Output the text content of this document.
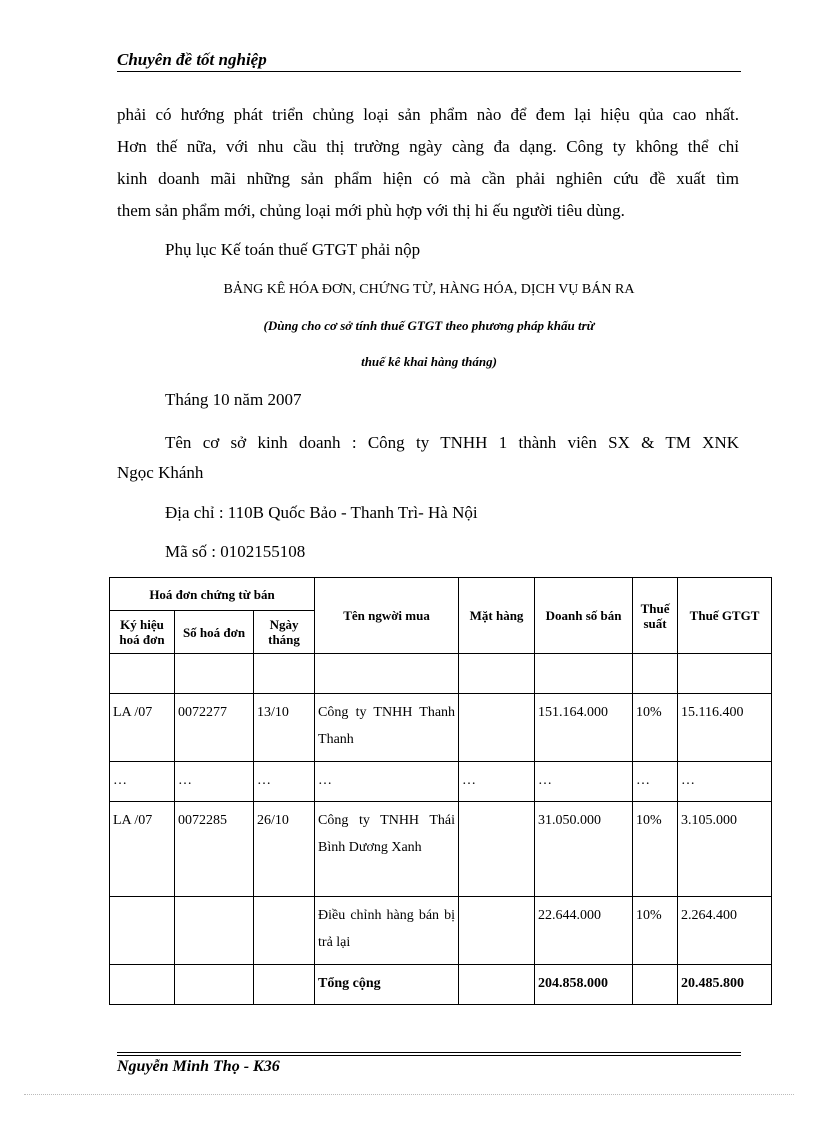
Chuyên đề tốt nghiệp
phải có hướng phát triển chủng loại sản phẩm nào để đem lại hiệu qủa cao nhất.
Hơn thế nữa, với nhu cầu thị trường ngày càng đa dạng. Công ty không thể chỉ
kinh doanh mãi những sản phẩm hiện có mà cần phải nghiên cứu đề xuất tìm
them sản phẩm mới, chủng loại mới phù hợp với thị hi ếu người tiêu dùng.
Phụ lục Kế toán thuế GTGT phải nộp
BẢNG KÊ HÓA ĐƠN, CHỨNG TỪ, HÀNG HÓA, DỊCH VỤ BÁN RA
(Dùng cho cơ sở tính thuế GTGT theo phương pháp khấu trừ
thuế kê khai hàng tháng)
Tháng 10 năm 2007
Tên cơ sở kinh doanh : Công ty TNHH 1 thành viên SX & TM XNK
Ngọc Khánh
Địa chỉ : 110B Quốc Bảo - Thanh Trì- Hà Nội
Mã số : 0102155108
Hoá đơn chứng từ bán			Tên ngwời mua	Mặt hàng	Doanh số bán	Thuế suất	Thuế GTGT
Ký hiệu hoá đơn	Số hoá đơn	Ngày tháng					

LA /07	0072277	13/10	Công ty TNHH Thanh Thanh		151.164.000	10%	15.116.400
…	…	…	…	…	…	…	…
LA /07	0072285	26/10	Công ty TNHH Thái Bình Dương Xanh		31.050.000	10%	3.105.000
			Điều chỉnh hàng bán bị trả lại		22.644.000	10%	2.264.400
			Tổng cộng		204.858.000		20.485.800
Nguyễn Minh Thọ - K36
